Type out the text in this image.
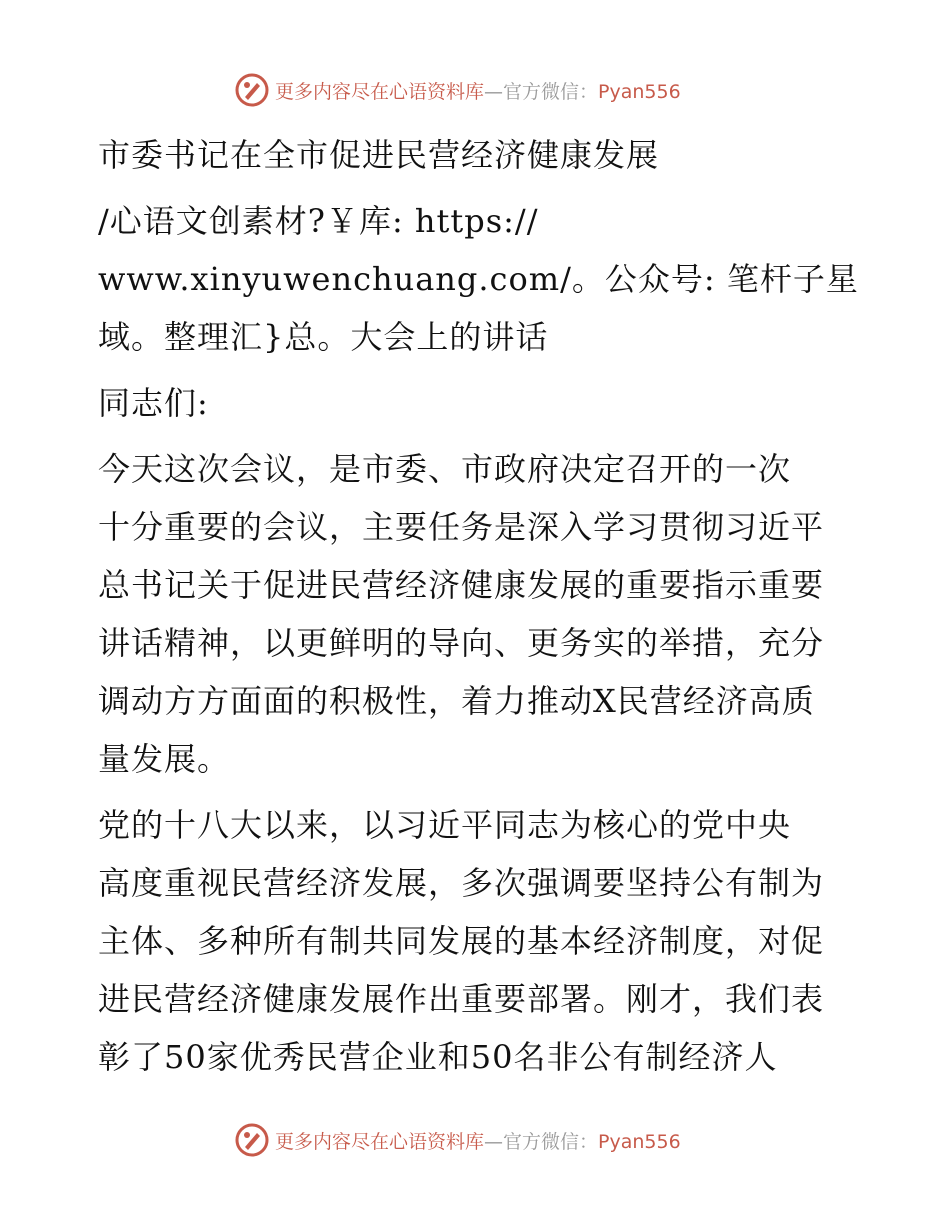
更多内容尽在心语资料库—官方微信：Pyan556
市委书记在全市促进民营经济健康发展
/心语文创素材?￥库: https://
www.xinyuwenchuang.com/。公众号: 笔杆子星
域。整理汇}总。大会上的讲话
同志们:
今天这次会议，是市委、市政府决定召开的一次
十分重要的会议，主要任务是深入学习贯彻习近平
总书记关于促进民营经济健康发展的重要指示重要
讲话精神，以更鲜明的导向、更务实的举措，充分
调动方方面面的积极性，着力推动X民营经济高质
量发展。
党的十八大以来，以习近平同志为核心的党中央
高度重视民营经济发展，多次强调要坚持公有制为
主体、多种所有制共同发展的基本经济制度，对促
进民营经济健康发展作出重要部署。刚才，我们表
彰了50家优秀民营企业和50名非公有制经济人
更多内容尽在心语资料库—官方微信：Pyan556
